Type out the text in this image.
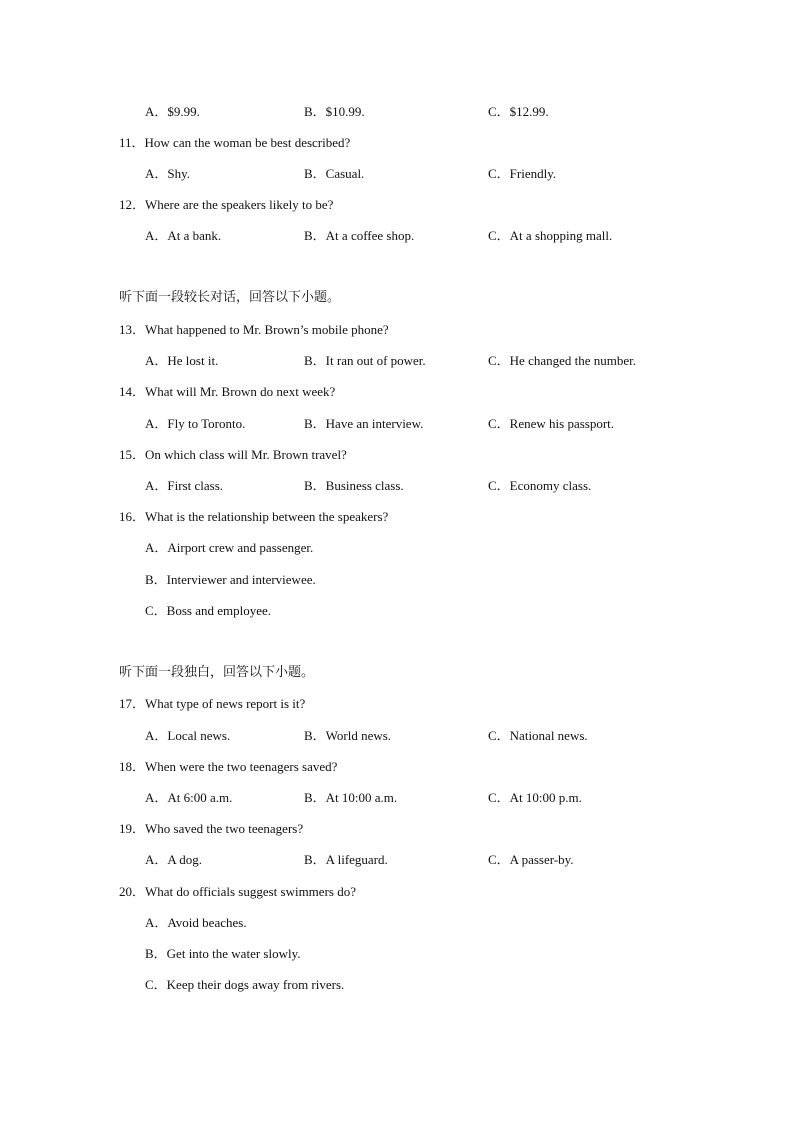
A．$9.99.	B．$10.99.	C．$12.99.
11．How can the woman be best described?
A．Shy.	B．Casual.	C．Friendly.
12．Where are the speakers likely to be?
A．At a bank.	B．At a coffee shop.	C．At a shopping mall.
听下面一段较长对话，回答以下小题。
13．What happened to Mr. Brown’s mobile phone?
A．He lost it.	B．It ran out of power.	C．He changed the number.
14．What will Mr. Brown do next week?
A．Fly to Toronto.	B．Have an interview.	C．Renew his passport.
15．On which class will Mr. Brown travel?
A．First class.	B．Business class.	C．Economy class.
16．What is the relationship between the speakers?
A．Airport crew and passenger.
B．Interviewer and interviewee.
C．Boss and employee.
听下面一段独白，回答以下小题。
17．What type of news report is it?
A．Local news.	B．World news.	C．National news.
18．When were the two teenagers saved?
A．At 6:00 a.m.	B．At 10:00 a.m.	C．At 10:00 p.m.
19．Who saved the two teenagers?
A．A dog.	B．A lifeguard.	C．A passer-by.
20．What do officials suggest swimmers do?
A．Avoid beaches.
B．Get into the water slowly.
C．Keep their dogs away from rivers.
